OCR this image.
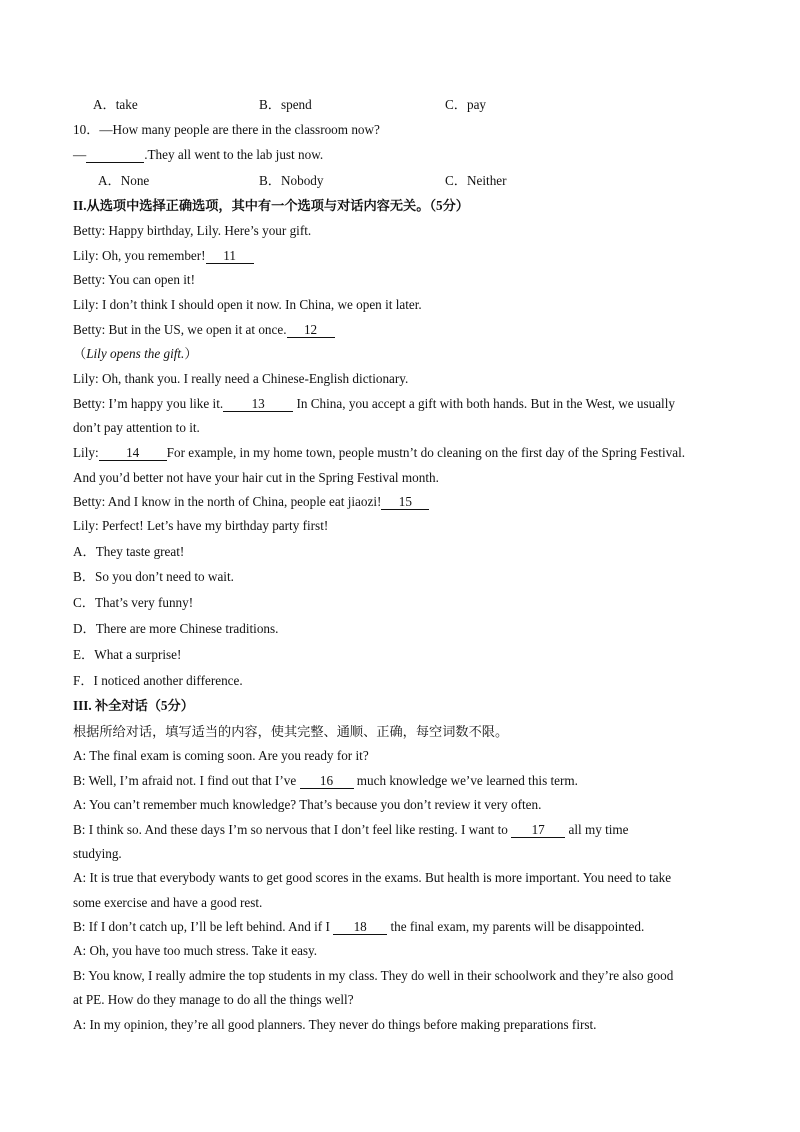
A．take	B．spend	C．pay
10．—How many people are there in the classroom now?
—	.They all went to the lab just now.
A．None	B．Nobody	C．Neither
II.从选项中选择正确选项，其中有一个选项与对话内容无关。（5分）
Betty: Happy birthday, Lily. Here’s your gift.
Lily: Oh, you remember! 11
Betty: You can open it!
Lily: I don’t think I should open it now. In China, we open it later.
Betty: But in the US, we open it at once. 12
（Lily opens the gift.）
Lily: Oh, thank you. I really need a Chinese-English dictionary.
Betty: I’m happy you like it. 13 In China, you accept a gift with both hands. But in the West, we usually
don’t pay attention to it.
Lily: 14 For example, in my home town, people mustn’t do cleaning on the first day of the Spring Festival.
And you’d better not have your hair cut in the Spring Festival month.
Betty: And I know in the north of China, people eat jiaozi! 15
Lily: Perfect! Let’s have my birthday party first!
A．They taste great!
B．So you don’t need to wait.
C．That’s very funny!
D．There are more Chinese traditions.
E．What a surprise!
F．I noticed another difference.
III. 补全对话（5分）
根据所给对话，填写适当的内容，使其完整、通顺、正确，每空词数不限。
A: The final exam is coming soon. Are you ready for it?
B: Well, I’m afraid not. I find out that I’ve 16 much knowledge we’ve learned this term.
A: You can’t remember much knowledge? That’s because you don’t review it very often.
B: I think so. And these days I’m so nervous that I don’t feel like resting. I want to 17 all my time
studying.
A: It is true that everybody wants to get good scores in the exams. But health is more important. You need to take
some exercise and have a good rest.
B: If I don’t catch up, I’ll be left behind. And if I 18 the final exam, my parents will be disappointed.
A: Oh, you have too much stress. Take it easy.
B: You know, I really admire the top students in my class. They do well in their schoolwork and they’re also good
at PE. How do they manage to do all the things well?
A: In my opinion, they’re all good planners. They never do things before making preparations first.
